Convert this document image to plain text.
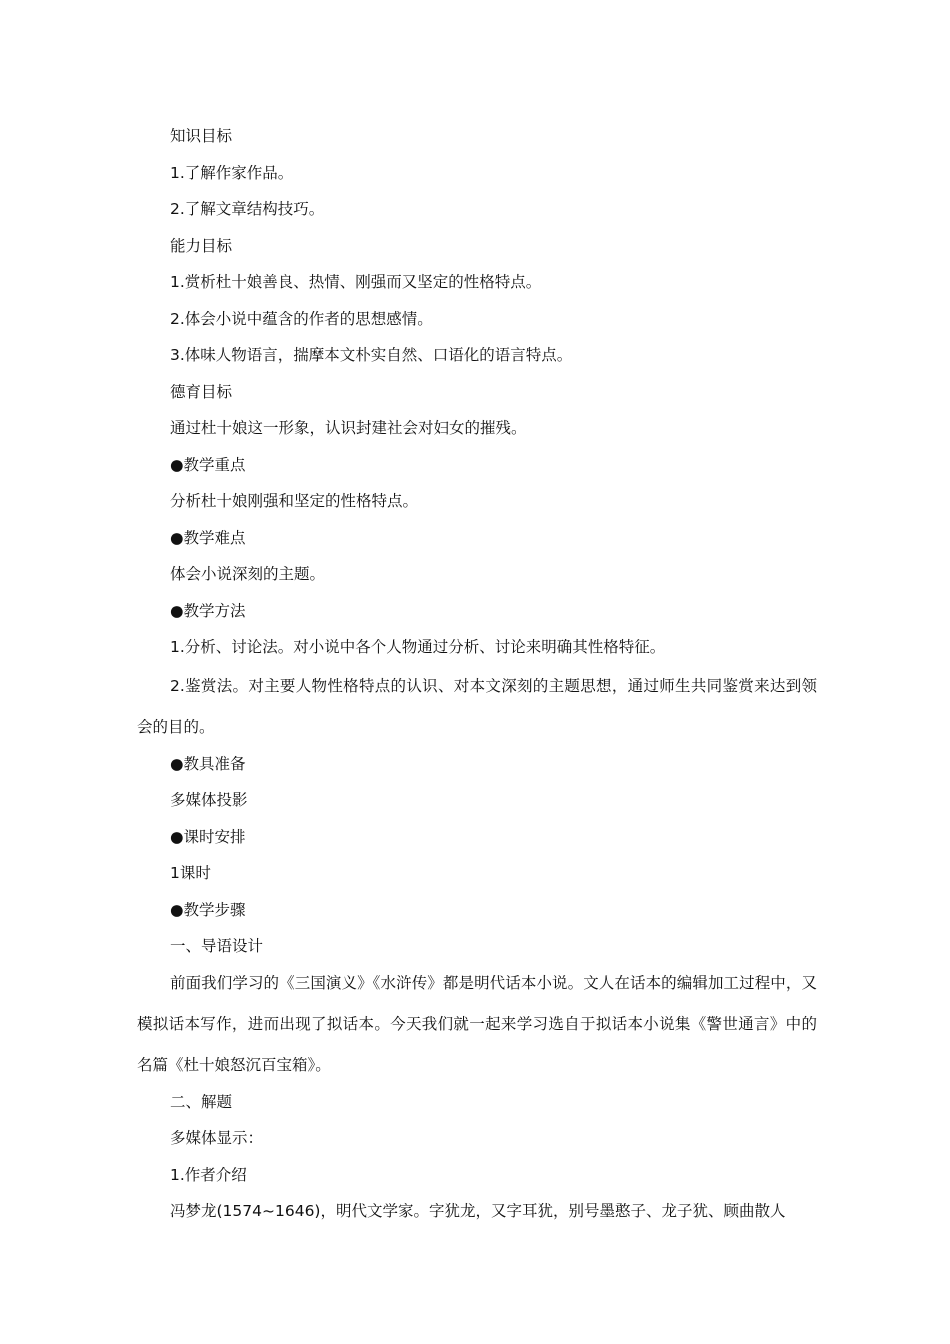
知识目标

1.了解作家作品。

2.了解文章结构技巧。

能力目标

1.赏析杜十娘善良、热情、刚强而又坚定的性格特点。

2.体会小说中蕴含的作者的思想感情。

3.体味人物语言，揣摩本文朴实自然、口语化的语言特点。

德育目标

通过杜十娘这一形象，认识封建社会对妇女的摧残。

●教学重点

分析杜十娘刚强和坚定的性格特点。

●教学难点

体会小说深刻的主题。

●教学方法

1.分析、讨论法。对小说中各个人物通过分析、讨论来明确其性格特征。

2.鉴赏法。对主要人物性格特点的认识、对本文深刻的主题思想，通过师生共同鉴赏来达到领会的目的。

●教具准备

多媒体投影

●课时安排

1课时

●教学步骤

一、导语设计

前面我们学习的《三国演义》《水浒传》都是明代话本小说。文人在话本的编辑加工过程中，又模拟话本写作，进而出现了拟话本。今天我们就一起来学习选自于拟话本小说集《警世通言》中的名篇《杜十娘怒沉百宝箱》。

二、解题

多媒体显示：

1.作者介绍

冯梦龙(1574~1646)，明代文学家。字犹龙，又字耳犹，别号墨憨子、龙子犹、顾曲散人
